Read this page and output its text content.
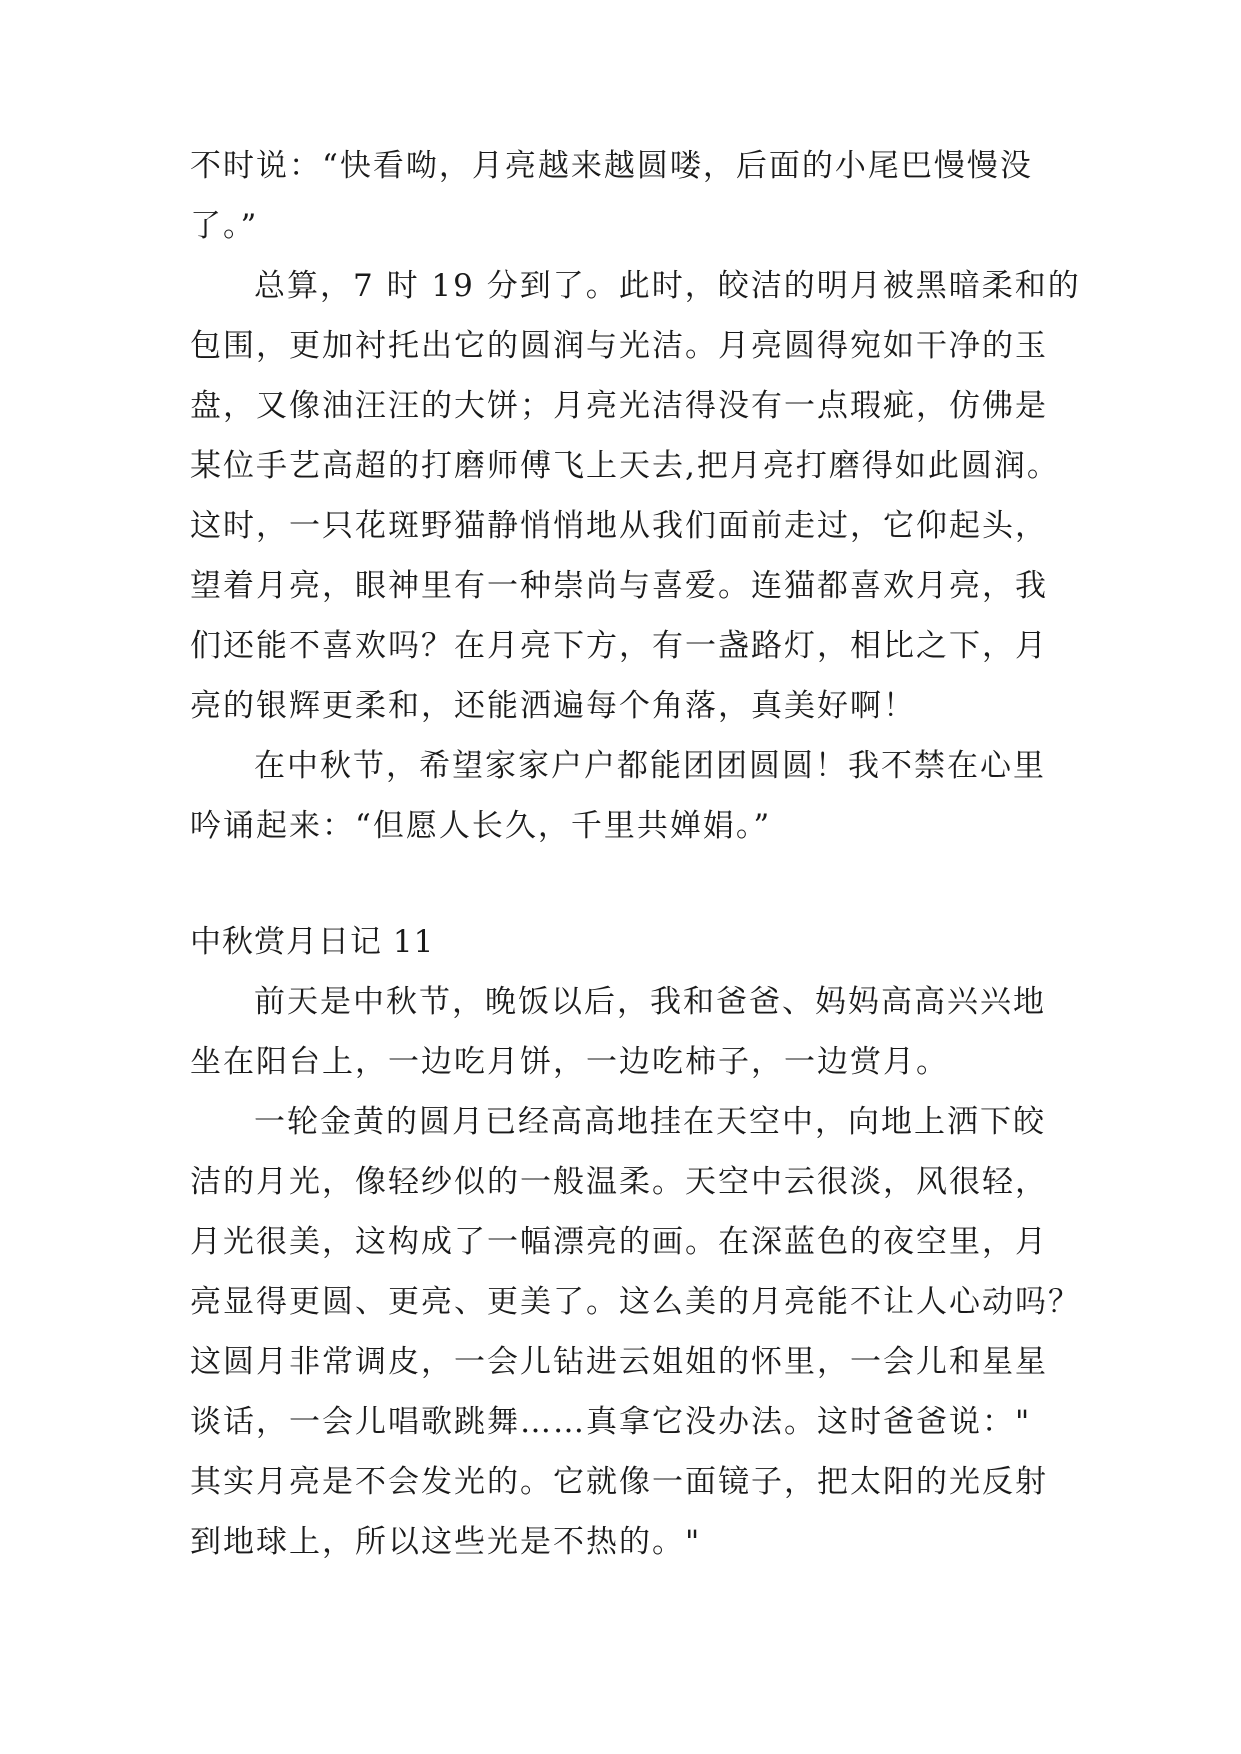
不时说：“快看呦，月亮越来越圆喽，后面的小尾巴慢慢没
了。”
总算，7 时 19 分到了。此时，皎洁的明月被黑暗柔和的
包围，更加衬托出它的圆润与光洁。月亮圆得宛如干净的玉
盘，又像油汪汪的大饼；月亮光洁得没有一点瑕疵，仿佛是
某位手艺高超的打磨师傅飞上天去,把月亮打磨得如此圆润。
这时，一只花斑野猫静悄悄地从我们面前走过，它仰起头，
望着月亮，眼神里有一种崇尚与喜爱。连猫都喜欢月亮，我
们还能不喜欢吗？在月亮下方，有一盏路灯，相比之下，月
亮的银辉更柔和，还能洒遍每个角落，真美好啊！
在中秋节，希望家家户户都能团团圆圆！我不禁在心里
吟诵起来：“但愿人长久，千里共婵娟。”
中秋赏月日记 11
前天是中秋节，晚饭以后，我和爸爸、妈妈高高兴兴地
坐在阳台上，一边吃月饼，一边吃柿子，一边赏月。
一轮金黄的圆月已经高高地挂在天空中，向地上洒下皎
洁的月光，像轻纱似的一般温柔。天空中云很淡，风很轻，
月光很美，这构成了一幅漂亮的画。在深蓝色的夜空里，月
亮显得更圆、更亮、更美了。这么美的月亮能不让人心动吗？
这圆月非常调皮，一会儿钻进云姐姐的怀里，一会儿和星星
谈话，一会儿唱歌跳舞……真拿它没办法。这时爸爸说："
其实月亮是不会发光的。它就像一面镜子，把太阳的光反射
到地球上，所以这些光是不热的。"
